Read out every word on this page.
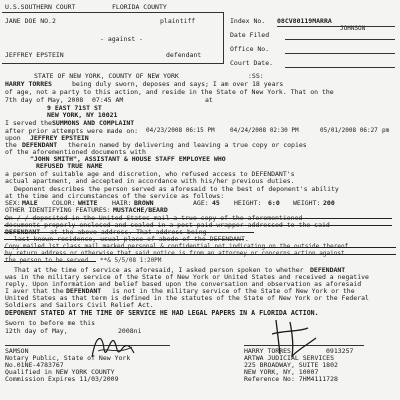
U.S.SOUTHERN COURT	FLORIDA COUNTY
JANE DOE NO.2	plaintiff
- against -
JEFFREY EPSTEIN	defendant
Index No. 08CV80119MARRA
JOHNSON
Date Filed
Office No.
Court Date.
STATE OF NEW YORK, COUNTY OF NEW YORK	:SS:
HARRY TORRES	being duly sworn, deposes and says; I am over 18 years
of age, not a party to this action, and reside in the State of New York. That on the
7th day of May, 2008 07:45 AM	at
9 EAST 71ST ST
NEW YORK, NY 10021
I served the SUMMONS AND COMPLAINT
after prior attempts were made on: 04/23/2008 06:15 PM	04/24/2008 02:30 PM	05/01/2008 06:27 pm
upon JEFFREY EPSTEIN
the DEFENDANT therein named by delivering and leaving a true copy or copies
of the aforementioned documents with
"JOHN SMITH", ASSISTANT & HOUSE STAFF EMPLOYEE WHO
REFUSED TRUE NAME
a person of suitable age and discretion, who refused access to DEFENDANT's
actual apartment, and accepted in accordance with his/her previous duties.
Deponent describes the person served as aforesaid to the best of deponent's ability
at the time and circumstances of the service as follows:
SEX: MALE COLOR: WHITE HAIR: BROWN	AGE: 45 HEIGHT: 6:0 WEIGHT: 200
OTHER IDENTIFYING FEATURES: MUSTACHE/BEARD
On / / deposited in the United States mail a true copy of the aforementioned
documents properly enclosed and sealed in a post-paid wrapper addressed to the said
DEFENDANT at the above address. That address being
last known residence, usual place of abode of the DEFENDANT.
Copy mailed 1st class mail marked personal & confidential not indicating on the outside thereof
by return address or otherwise that said notice is from an attorney or concerns action against
the person to be served. **& 5/5/08 1:20PM
That at the time of service as aforesaid, I asked person spoken to whether DEFENDANT
was in the military service of the State of New York or United States and received a negative
reply. Upon information and belief based upon the conversation and observation as aforesaid
I aver that the DEFENDANT is not in the military service of the State of New York or the
United States as that term is defined in the statutes of the State of New York or the Federal
Soldiers and Sailors Civil Relief Act.
DEPONENT STATED AT THE TIME OF SERVICE HE HAD LEGAL PAPERS IN A FLORIDA ACTION.
Sworn to before me this
12th day of May,	2008ni
SAMSON
Notary Public, State of New York
No.01NE-4783767
Qualified in NEW YORK COUNTY
Commission Expires 11/03/2009
HARRY TORRES	0913257
ARTWA JUDICIAL SERVICES
225 BROADWAY, SUITE 1802
NEW YORK, NY, 10007
Reference No: 7HM4111728
